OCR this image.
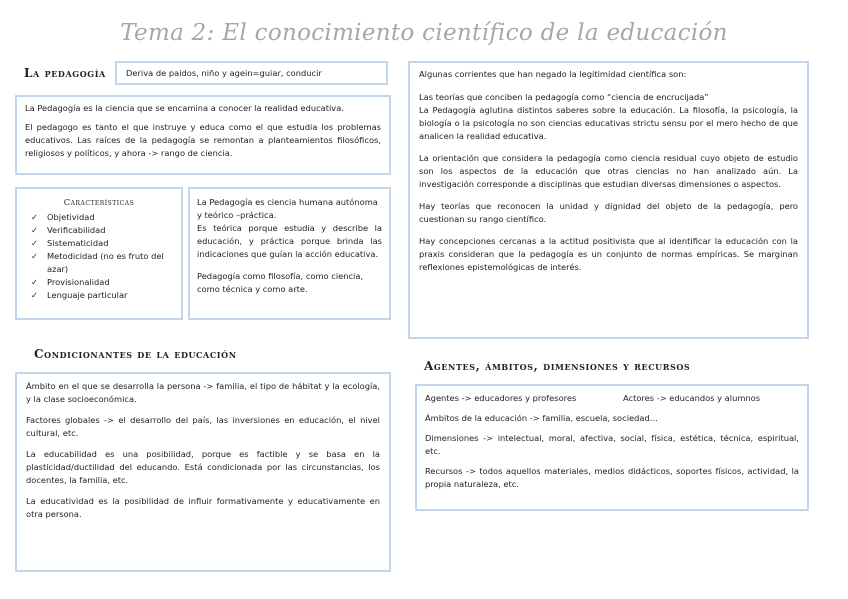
Tema 2: El conocimiento científico de la educación
La pedagogía	Deriva de paidos, niño y agein=guiar, conducir

La Pedagogía es la ciencia que se encamina a conocer la realidad educativa.

El pedagogo es tanto el que instruye y educa como el que estudia los problemas educativos. Las raíces de la pedagogía se remontan a planteamientos filosóficos, religiosos y políticos, y ahora -> rango de ciencia.

Características
✓ Objetividad
✓ Verificabilidad
✓ Sistematicidad
✓ Metodicidad (no es fruto del azar)
✓ Provisionalidad
✓ Lenguaje particular

La Pedagogía es ciencia humana autónoma y teórico –práctica.

Es teórica porque estudia y describe la educación, y práctica porque brinda las indicaciones que guían la acción educativa.

Pedagogía como filosofía, como ciencia, como técnica y como arte.

Algunas corrientes que han negado la legitimidad científica son:

Las teorías que conciben la pedagogía como “ciencia de encrucijada”

La Pedagogía aglutina distintos saberes sobre la educación. La filosofía, la psicología, la biología o la psicología no son ciencias educativas strictu sensu por el mero hecho de que analicen la realidad educativa.

La orientación que considera la pedagogía como ciencia residual cuyo objeto de estudio son los aspectos de la educación que otras ciencias no han analizado aún. La investigación corresponde a disciplinas que estudian diversas dimensiones o aspectos.

Hay teorías que reconocen la unidad y dignidad del objeto de la pedagogía, pero cuestionan su rango científico.

Hay concepciones cercanas a la actitud positivista que al identificar la educación con la praxis consideran que la pedagogía es un conjunto de normas empíricas. Se marginan reflexiones epistemológicas de interés.

Condicionantes de la educación

Ámbito en el que se desarrolla la persona -> familia, el tipo de hábitat y la ecología, y la clase socioeconómica.

Factores globales -> el desarrollo del país, las inversiones en educación, el nivel cultural, etc.

La educabilidad es una posibilidad, porque es factible y se basa en la plasticidad/ductilidad del educando. Está condicionada por las circunstancias, los docentes, la familia, etc.

La educatividad es la posibilidad de influir formativamente y educativamente en otra persona.

Agentes, ámbitos, dimensiones y recursos
Agentes -> educadores y profesores	Actores -> educandos y alumnos

Ámbitos de la educación -> familia, escuela, sociedad…

Dimensiones -> intelectual, moral, afectiva, social, física, estética, técnica, espiritual, etc.

Recursos -> todos aquellos materiales, medios didácticos, soportes físicos, actividad, la propia naturaleza, etc.
